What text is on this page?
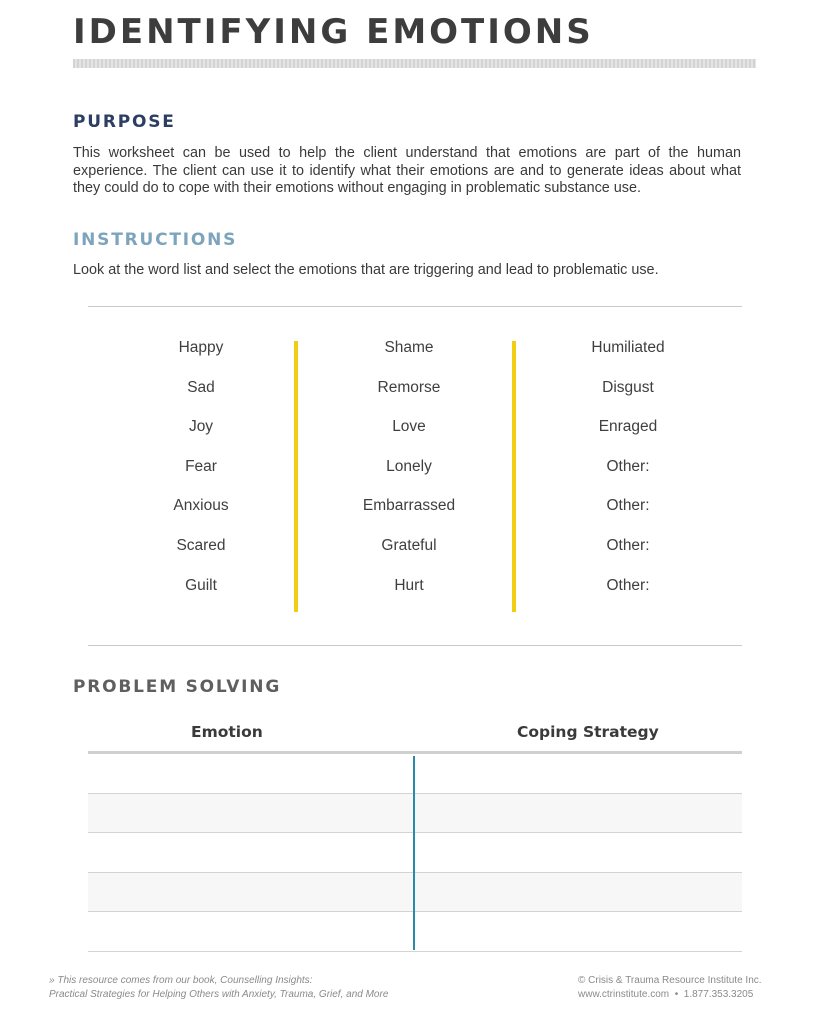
IDENTIFYING EMOTIONS
PURPOSE

This worksheet can be used to help the client understand that emotions are part of the human experience. The client can use it to identify what their emotions are and to generate ideas about what they could do to cope with their emotions without engaging in problematic substance use.

INSTRUCTIONS

Look at the word list and select the emotions that are triggering and lead to problematic use.

Happy
Sad
Joy
Fear
Anxious
Scared
Guilt
Shame
Remorse
Love
Lonely
Embarrassed
Grateful
Hurt
Humiliated
Disgust
Enraged
Other:
Other:
Other:
Other:
PROBLEM SOLVING
Emotion	Coping Strategy

» This resource comes from our book, Counselling Insights:

Practical Strategies for Helping Others with Anxiety, Trauma, Grief, and More

© Crisis & Trauma Resource Institute Inc.

www.ctrinstitute.com • 1.877.353.3205
